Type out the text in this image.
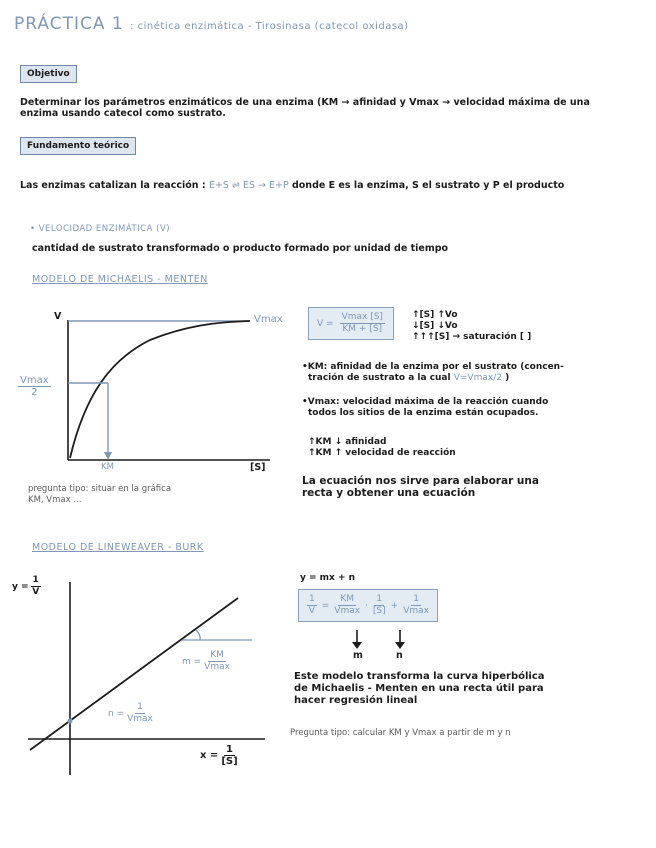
PRÁCTICA 1 : cinética enzimática - Tirosinasa (catecol oxidasa)
Objetivo
Determinar los parámetros enzimáticos de una enzima (KM → afinidad y Vmax → velocidad máxima de una enzima usando catecol como sustrato.
Fundamento teórico
Las enzimas catalizan la reacción : E+S ⇌ ES → E+P donde E es la enzima, S el sustrato y P el producto
• VELOCIDAD ENZIMÁTICA (V)
cantidad de sustrato transformado o producto formado por unidad de tiempo
MODELO DE MICHAELIS - MENTEN
V	Vmax
Vmax
2
KM	[S]
$V = \frac{Vmax [S]}{KM + [S]}$	↑[S] ↑Vo
↓[S] ↓Vo
↑↑↑[S] → saturación [ ]
•KM: afinidad de la enzima por el sustrato (concen-
tración de sustrato a la cual V=Vmax/2 )
•Vmax: velocidad máxima de la reacción cuando
todos los sitios de la enzima están ocupados.
↑KM ↓ afinidad
↑KM ↑ velocidad de reacción
La ecuación nos sirve para elaborar una
recta y obtener una ecuación
pregunta tipo: situar en la gráfica
KM, Vmax ...
MODELO DE LINEWEAVER - BURK
$y = \frac{1}{V}$
$x = \frac{1}{[S]}$
$m = \frac{KM}{Vmax}$
$n = \frac{1}{Vmax}$
y = mx + n
$\frac{1}{V} = \frac{KM}{Vmax} \cdot \frac{1}{[S]} + \frac{1}{Vmax}$
m	n
Este modelo transforma la curva hiperbólica
de Michaelis - Menten en una recta útil para
hacer regresión lineal
Pregunta tipo: calcular KM y Vmax a partir de m y n
